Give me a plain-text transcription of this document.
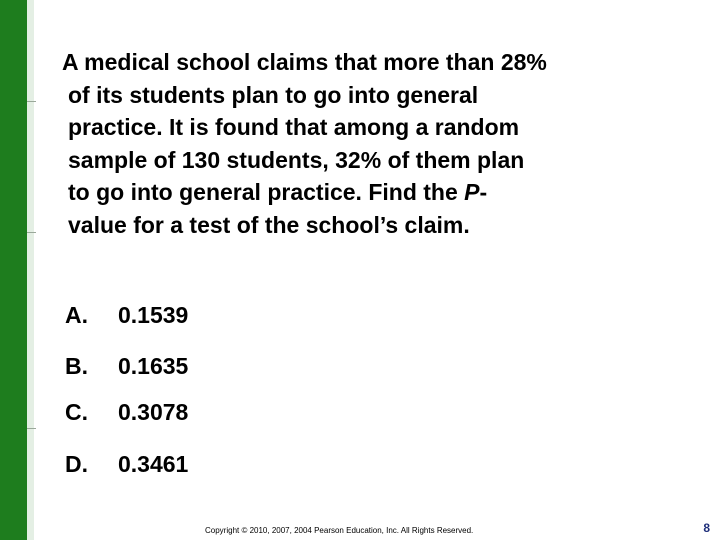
A medical school claims that more than 28%
of its students plan to go into general
practice. It is found that among a random
sample of 130 students, 32% of them plan
to go into general practice. Find the P-
value for a test of the school’s claim.
A. 0.1539
B. 0.1635
C. 0.3078
D. 0.3461
Copyright © 2010, 2007, 2004 Pearson Education, Inc. All Rights Reserved.	8
